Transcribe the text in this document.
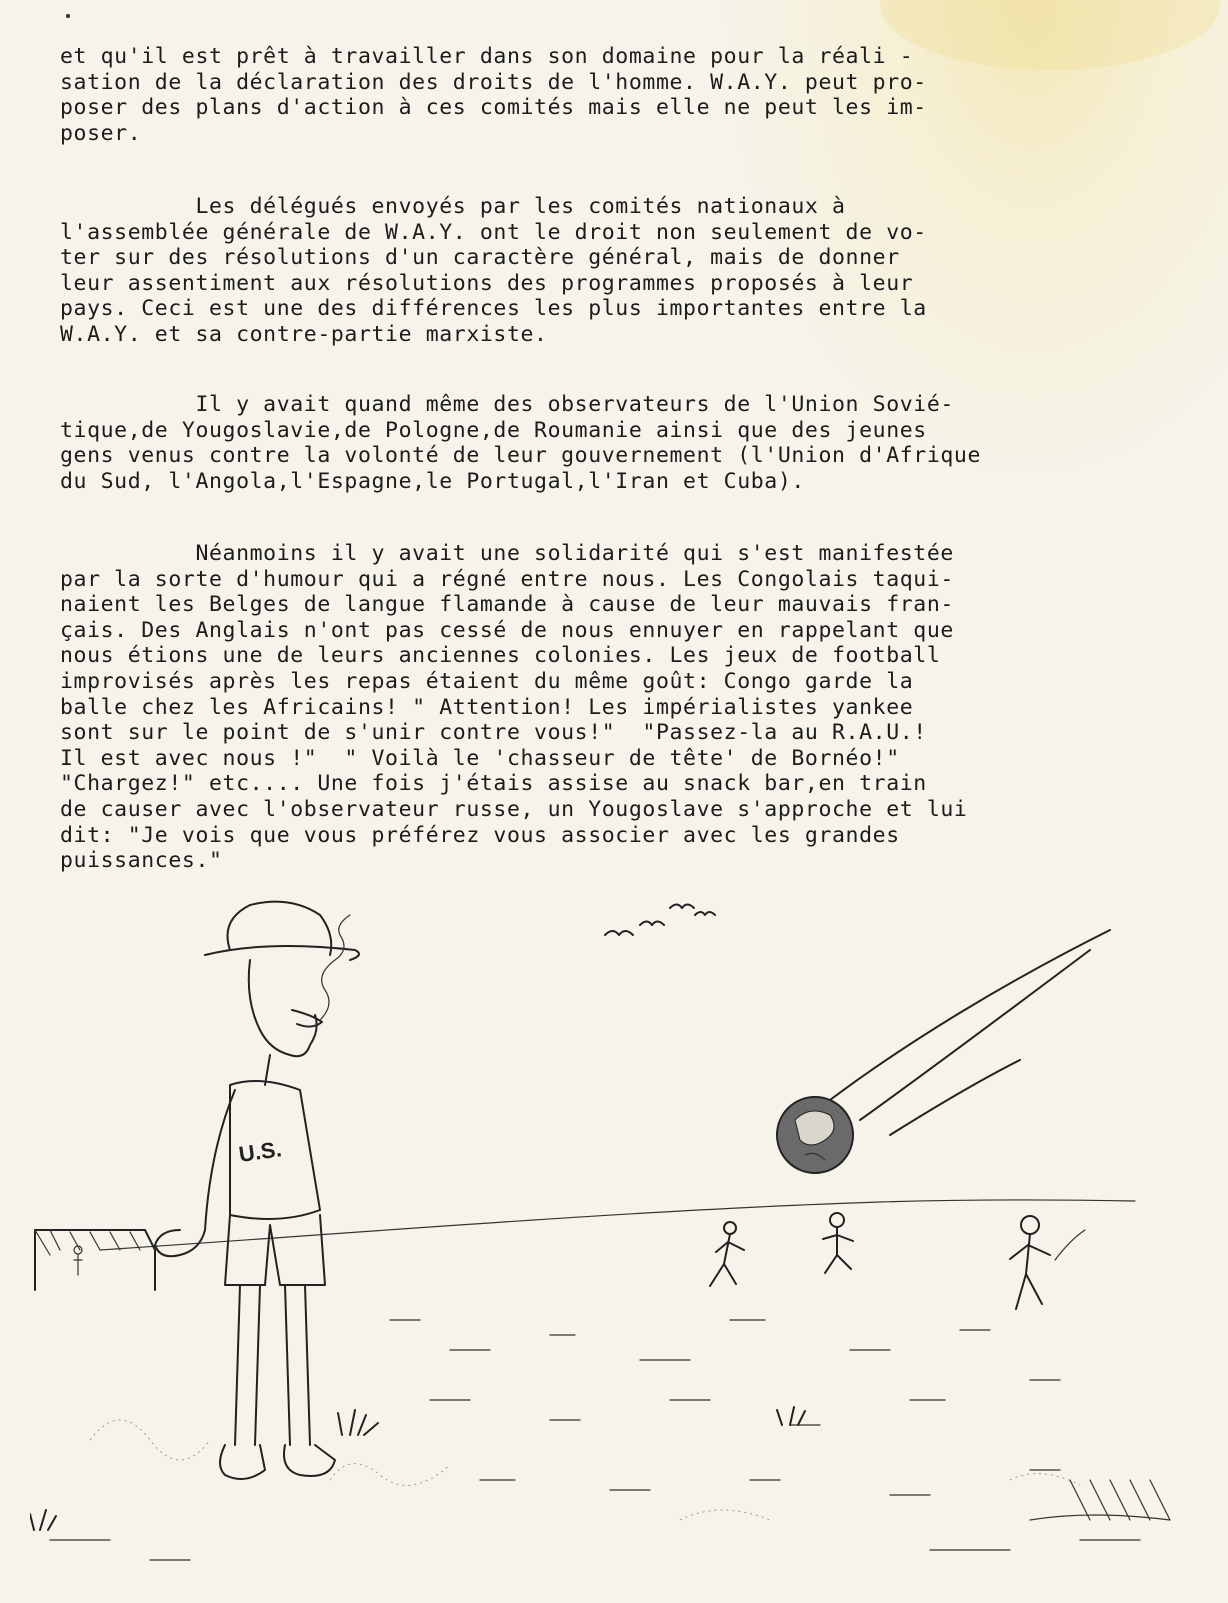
et qu'il est prêt à travailler dans son domaine pour la réali -
sation de la déclaration des droits de l'homme. W.A.Y. peut pro-
poser des plans d'action à ces comités mais elle ne peut les im-
poser.
Les délégués envoyés par les comités nationaux à
l'assemblée générale de W.A.Y. ont le droit non seulement de vo-
ter sur des résolutions d'un caractère général, mais de donner
leur assentiment aux résolutions des programmes proposés à leur
pays. Ceci est une des différences les plus importantes entre la
W.A.Y. et sa contre-partie marxiste.
Il y avait quand même des observateurs de l'Union Sovié-
tique,de Yougoslavie,de Pologne,de Roumanie ainsi que des jeunes
gens venus contre la volonté de leur gouvernement (l'Union d'Afrique
du Sud, l'Angola,l'Espagne,le Portugal,l'Iran et Cuba).
Néanmoins il y avait une solidarité qui s'est manifestée
par la sorte d'humour qui a régné entre nous. Les Congolais taqui-
naient les Belges de langue flamande à cause de leur mauvais fran-
çais. Des Anglais n'ont pas cessé de nous ennuyer en rappelant que
nous étions une de leurs anciennes colonies. Les jeux de football
improvisés après les repas étaient du même goût: Congo garde la
balle chez les Africains! " Attention! Les impérialistes yankee
sont sur le point de s'unir contre vous!"  "Passez-la au R.A.U.!
Il est avec nous !"  " Voilà le 'chasseur de tête' de Bornéo!"
"Chargez!" etc.... Une fois j'étais assise au snack bar,en train
de causer avec l'observateur russe, un Yougoslave s'approche et lui
dit: "Je vois que vous préférez vous associer avec les grandes
puissances."
U.S.
